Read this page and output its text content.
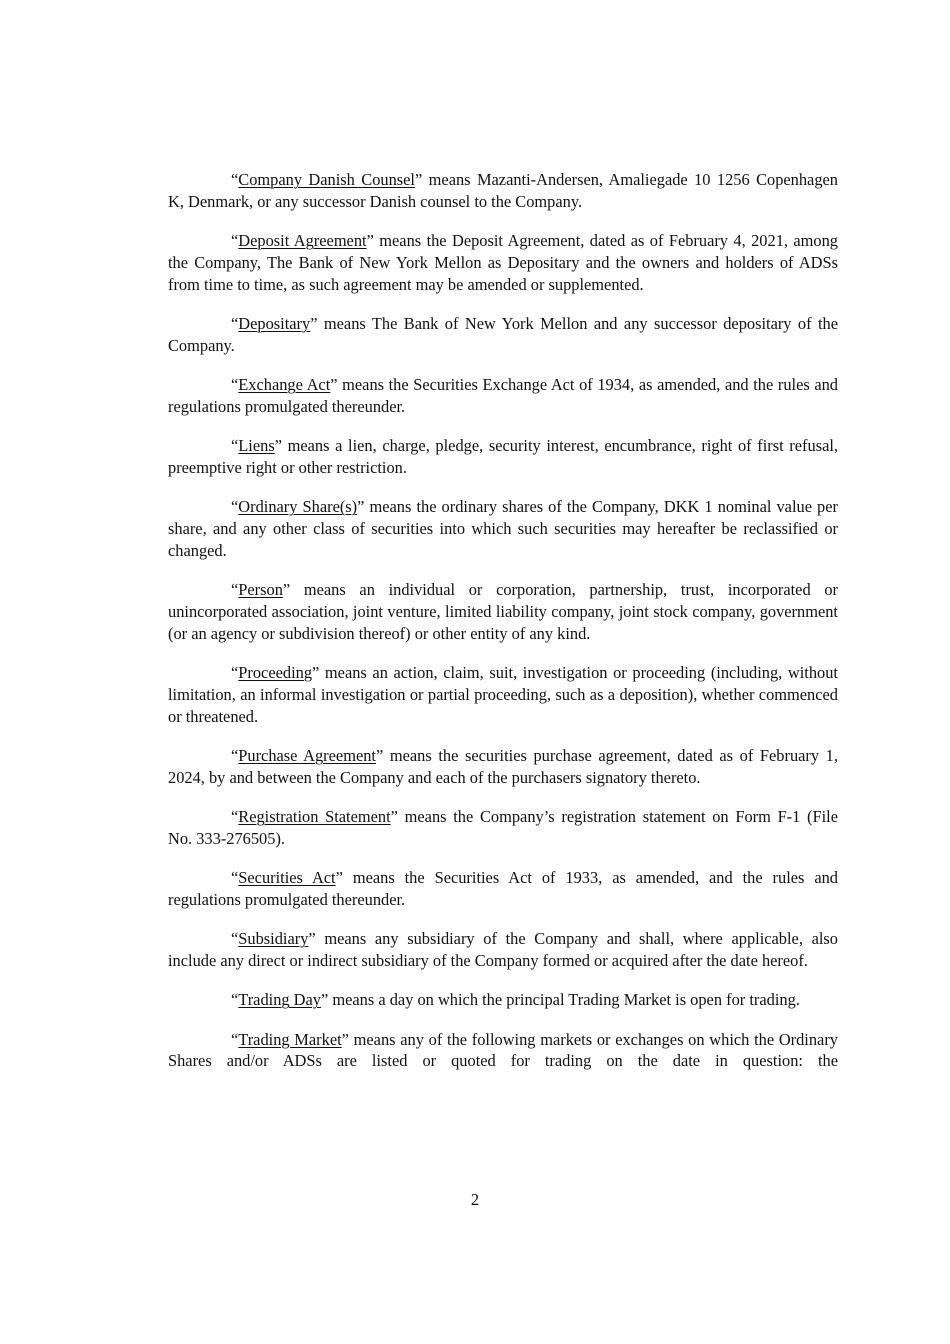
“Company Danish Counsel” means Mazanti-Andersen, Amaliegade 10 1256 Copenhagen K, Denmark, or any successor Danish counsel to the Company.

“Deposit Agreement” means the Deposit Agreement, dated as of February 4, 2021, among the Company, The Bank of New York Mellon as Depositary and the owners and holders of ADSs from time to time, as such agreement may be amended or supplemented.

“Depositary” means The Bank of New York Mellon and any successor depositary of the Company.

“Exchange Act” means the Securities Exchange Act of 1934, as amended, and the rules and regulations promulgated thereunder.

“Liens” means a lien, charge, pledge, security interest, encumbrance, right of first refusal, preemptive right or other restriction.

“Ordinary Share(s)” means the ordinary shares of the Company, DKK 1 nominal value per share, and any other class of securities into which such securities may hereafter be reclassified or changed.

“Person” means an individual or corporation, partnership, trust, incorporated or unincorporated association, joint venture, limited liability company, joint stock company, government (or an agency or subdivision thereof) or other entity of any kind.

“Proceeding” means an action, claim, suit, investigation or proceeding (including, without limitation, an informal investigation or partial proceeding, such as a deposition), whether commenced or threatened.

“Purchase Agreement” means the securities purchase agreement, dated as of February 1, 2024, by and between the Company and each of the purchasers signatory thereto.

“Registration Statement” means the Company’s registration statement on Form F-1 (File No. 333-276505).

“Securities Act” means the Securities Act of 1933, as amended, and the rules and regulations promulgated thereunder.

“Subsidiary” means any subsidiary of the Company and shall, where applicable, also include any direct or indirect subsidiary of the Company formed or acquired after the date hereof.

“Trading Day” means a day on which the principal Trading Market is open for trading.

“Trading Market” means any of the following markets or exchanges on which the Ordinary Shares and/or ADSs are listed or quoted for trading on the date in question: the

2
